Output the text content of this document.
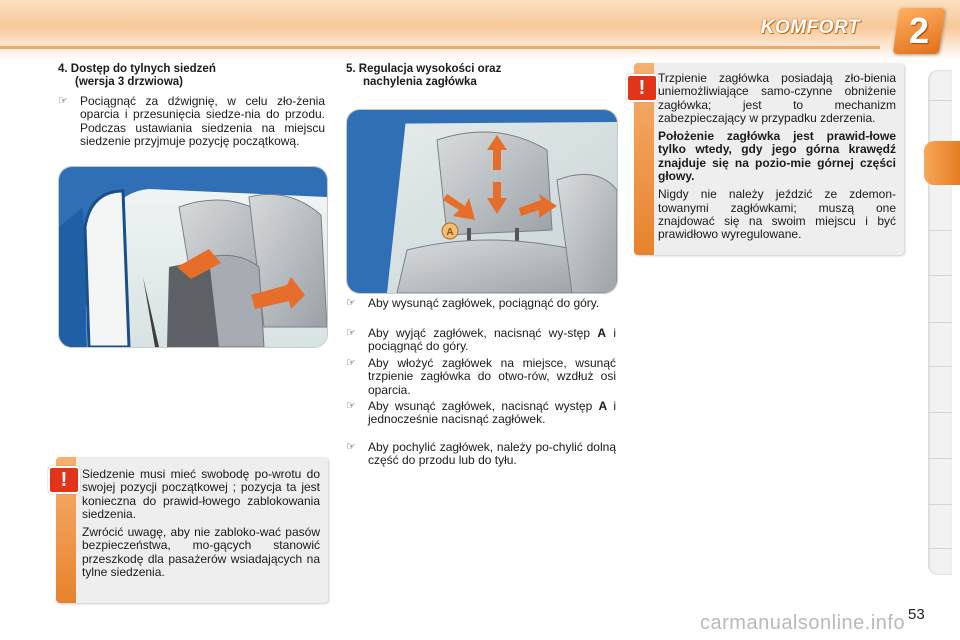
KOMFORT	2
4. Dostęp do tylnych siedzeń
(wersja 3 drzwiowa)
☞ Pociągnąć za dźwignię, w celu zło-żenia oparcia i przesunięcia siedze-nia do przodu. Podczas ustawiania siedzenia na miejscu siedzenie przyjmuje pozycję początkową.

Siedzenie musi mieć swobodę po-wrotu do swojej pozycji początkowej ; pozycja ta jest konieczna do prawid-łowego zablokowania siedzenia.

Zwrócić uwagę, aby nie zabloko-wać pasów bezpieczeństwa, mo-gących stanowić przeszkodę dla pasażerów wsiadających na tylne siedzenia.

!
5. Regulacja wysokości oraz
nachylenia zagłówka
A
☞ Aby wysunąć zagłówek, pociągnąć do góry.
☞ Aby wyjąć zagłówek, nacisnąć wy-stęp A i pociągnąć do góry.
☞ Aby włożyć zagłówek na miejsce, wsunąć trzpienie zagłówka do otwo-rów, wzdłuż osi oparcia.
☞ Aby wsunąć zagłówek, nacisnąć występ A i jednocześnie nacisnąć zagłówek.
☞ Aby pochylić zagłówek, należy po-chylić dolną część do przodu lub do tyłu.

Trzpienie zagłówka posiadają zło-bienia uniemożliwiające samo-czynne obniżenie zagłówka; jest to mechanizm zabezpieczający w przypadku zderzenia.

Położenie zagłówka jest prawid-łowe tylko wtedy, gdy jego górna krawędź znajduje się na pozio-mie górnej części głowy.

Nigdy nie należy jeździć ze zdemon-towanymi zagłówkami; muszą one znajdować się na swoim miejscu i być prawidłowo wyregulowane.

!
carmanualsonline.info 53
